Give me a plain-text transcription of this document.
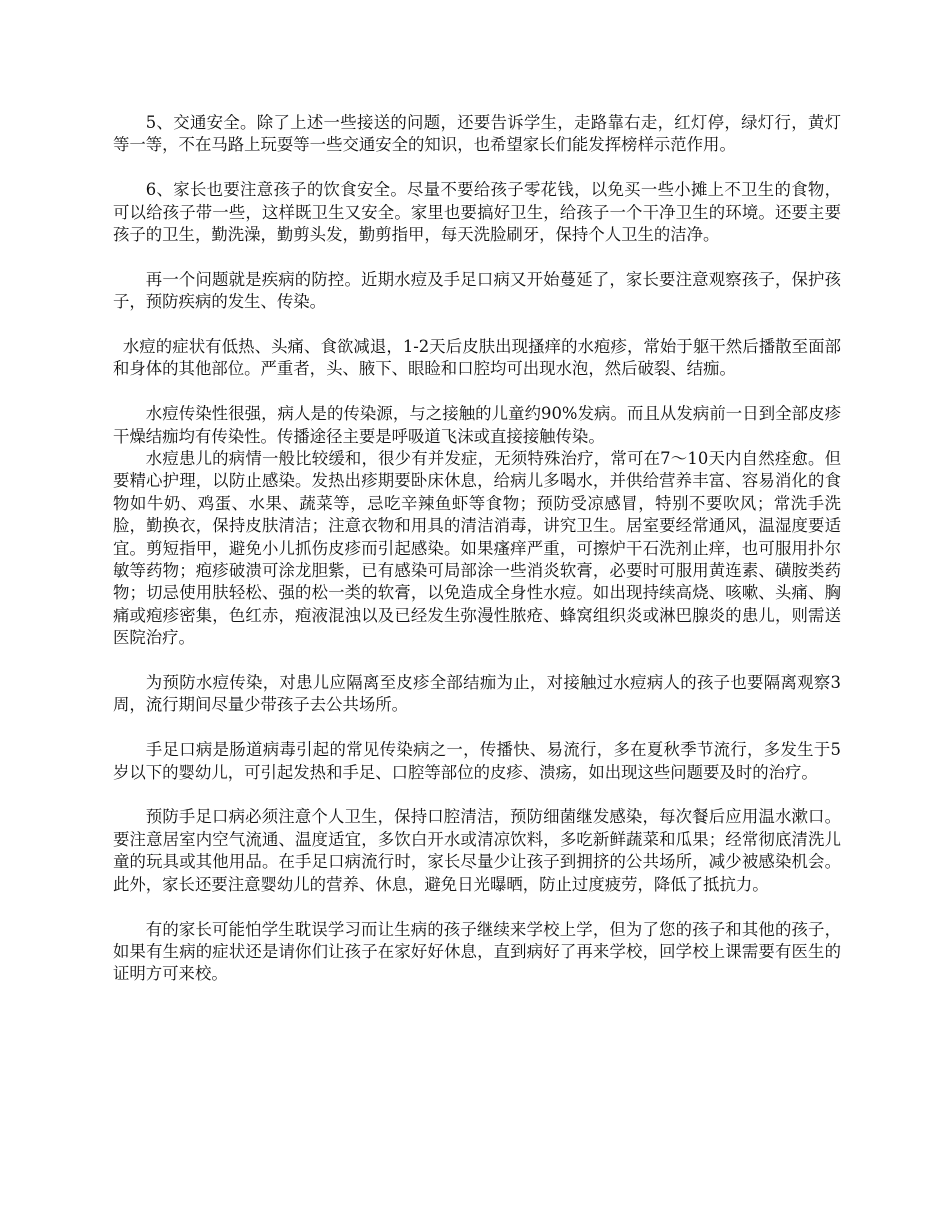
5、交通安全。除了上述一些接送的问题，还要告诉学生，走路靠右走，红灯停，绿灯行，黄灯等一等，不在马路上玩耍等一些交通安全的知识，也希望家长们能发挥榜样示范作用。

6、家长也要注意孩子的饮食安全。尽量不要给孩子零花钱，以免买一些小摊上不卫生的食物，可以给孩子带一些，这样既卫生又安全。家里也要搞好卫生，给孩子一个干净卫生的环境。还要主要孩子的卫生，勤洗澡，勤剪头发，勤剪指甲，每天洗脸刷牙，保持个人卫生的洁净。

再一个问题就是疾病的防控。近期水痘及手足口病又开始蔓延了，家长要注意观察孩子，保护孩子，预防疾病的发生、传染。

水痘的症状有低热、头痛、食欲减退，1-2天后皮肤出现搔痒的水疱疹，常始于躯干然后播散至面部和身体的其他部位。严重者，头、腋下、眼睑和口腔均可出现水泡，然后破裂、结痂。

水痘传染性很强，病人是的传染源，与之接触的儿童约90%发病。而且从发病前一日到全部皮疹干燥结痂均有传染性。传播途径主要是呼吸道飞沫或直接接触传染。

水痘患儿的病情一般比较缓和，很少有并发症，无须特殊治疗，常可在7～10天内自然痊愈。但要精心护理，以防止感染。发热出疹期要卧床休息，给病儿多喝水，并供给营养丰富、容易消化的食物如牛奶、鸡蛋、水果、蔬菜等，忌吃辛辣鱼虾等食物；预防受凉感冒，特别不要吹风；常洗手洗脸，勤换衣，保持皮肤清洁；注意衣物和用具的清洁消毒，讲究卫生。居室要经常通风，温湿度要适宜。剪短指甲，避免小儿抓伤皮疹而引起感染。如果瘙痒严重，可擦炉干石洗剂止痒，也可服用扑尔敏等药物；疱疹破溃可涂龙胆紫，已有感染可局部涂一些消炎软膏，必要时可服用黄连素、磺胺类药物；切忌使用肤轻松、强的松一类的软膏，以免造成全身性水痘。如出现持续高烧、咳嗽、头痛、胸痛或疱疹密集，色红赤，疱液混浊以及已经发生弥漫性脓疮、蜂窝组织炎或淋巴腺炎的患儿，则需送医院治疗。

为预防水痘传染，对患儿应隔离至皮疹全部结痂为止，对接触过水痘病人的孩子也要隔离观察3周，流行期间尽量少带孩子去公共场所。

手足口病是肠道病毒引起的常见传染病之一，传播快、易流行，多在夏秋季节流行，多发生于5岁以下的婴幼儿，可引起发热和手足、口腔等部位的皮疹、溃疡，如出现这些问题要及时的治疗。

预防手足口病必须注意个人卫生，保持口腔清洁，预防细菌继发感染，每次餐后应用温水漱口。要注意居室内空气流通、温度适宜，多饮白开水或清凉饮料，多吃新鲜蔬菜和瓜果；经常彻底清洗儿童的玩具或其他用品。在手足口病流行时，家长尽量少让孩子到拥挤的公共场所，减少被感染机会。此外，家长还要注意婴幼儿的营养、休息，避免日光曝晒，防止过度疲劳，降低了抵抗力。

有的家长可能怕学生耽误学习而让生病的孩子继续来学校上学，但为了您的孩子和其他的孩子，如果有生病的症状还是请你们让孩子在家好好休息，直到病好了再来学校，回学校上课需要有医生的证明方可来校。
